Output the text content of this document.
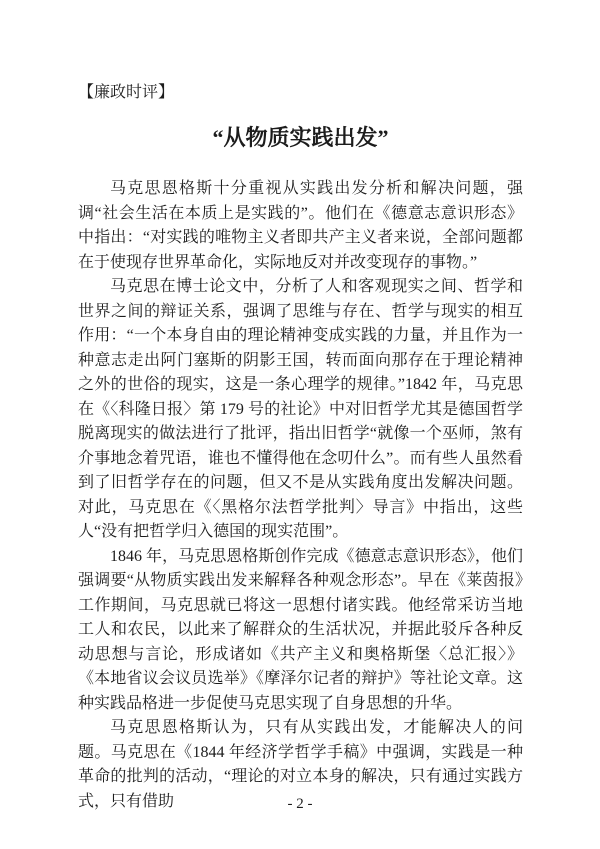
【廉政时评】
“从物质实践出发”

马克思恩格斯十分重视从实践出发分析和解决问题，强调“社会生活在本质上是实践的”。他们在《德意志意识形态》中指出：“对实践的唯物主义者即共产主义者来说，全部问题都在于使现存世界革命化，实际地反对并改变现存的事物。”

马克思在博士论文中，分析了人和客观现实之间、哲学和世界之间的辩证关系，强调了思维与存在、哲学与现实的相互作用：“一个本身自由的理论精神变成实践的力量，并且作为一种意志走出阿门塞斯的阴影王国，转而面向那存在于理论精神之外的世俗的现实，这是一条心理学的规律。”1842 年，马克思在《〈科隆日报〉第 179 号的社论》中对旧哲学尤其是德国哲学脱离现实的做法进行了批评，指出旧哲学“就像一个巫师，煞有介事地念着咒语，谁也不懂得他在念叨什么”。而有些人虽然看到了旧哲学存在的问题，但又不是从实践角度出发解决问题。对此，马克思在《〈黑格尔法哲学批判〉导言》中指出，这些人“没有把哲学归入德国的现实范围”。

1846 年，马克思恩格斯创作完成《德意志意识形态》，他们强调要“从物质实践出发来解释各种观念形态”。早在《莱茵报》工作期间，马克思就已将这一思想付诸实践。他经常采访当地工人和农民，以此来了解群众的生活状况，并据此驳斥各种反动思想与言论，形成诸如《共产主义和奥格斯堡〈总汇报〉》《本地省议会议员选举》《摩泽尔记者的辩护》等社论文章。这种实践品格进一步促使马克思实现了自身思想的升华。

马克思恩格斯认为，只有从实践出发，才能解决人的问题。马克思在《1844 年经济学哲学手稿》中强调，实践是一种革命的批判的活动，“理论的对立本身的解决，只有通过实践方式，只有借助	- 2 -
